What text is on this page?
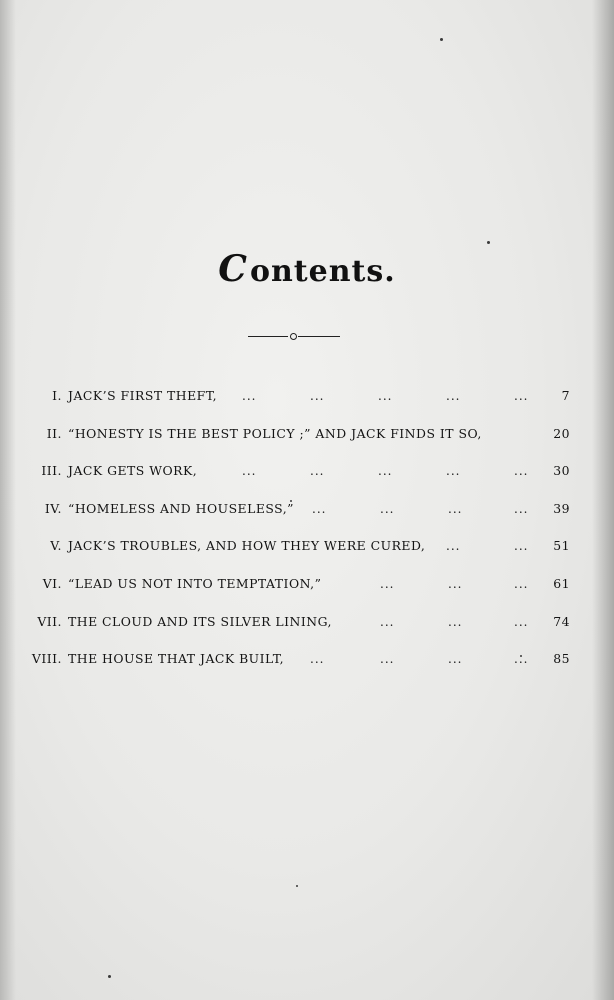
Contents.
I. JACK’S FIRST THEFT, ...	...	...	...	...	7
II. “HONESTY IS THE BEST POLICY ;” AND JACK FINDS IT SO,	20
III. JACK GETS WORK,	...	...	...	...	...	30
IV. “HOMELESS AND HOUSELESS,” ...	...	...	...	39
V. JACK’S TROUBLES, AND HOW THEY WERE CURED, ...	...	51
VI. “LEAD US NOT INTO TEMPTATION,”	...	...	...	61
VII. THE CLOUD AND ITS SILVER LINING,	...	...	...	74
VIII. THE HOUSE THAT JACK BUILT, ...	...	...	...	85
